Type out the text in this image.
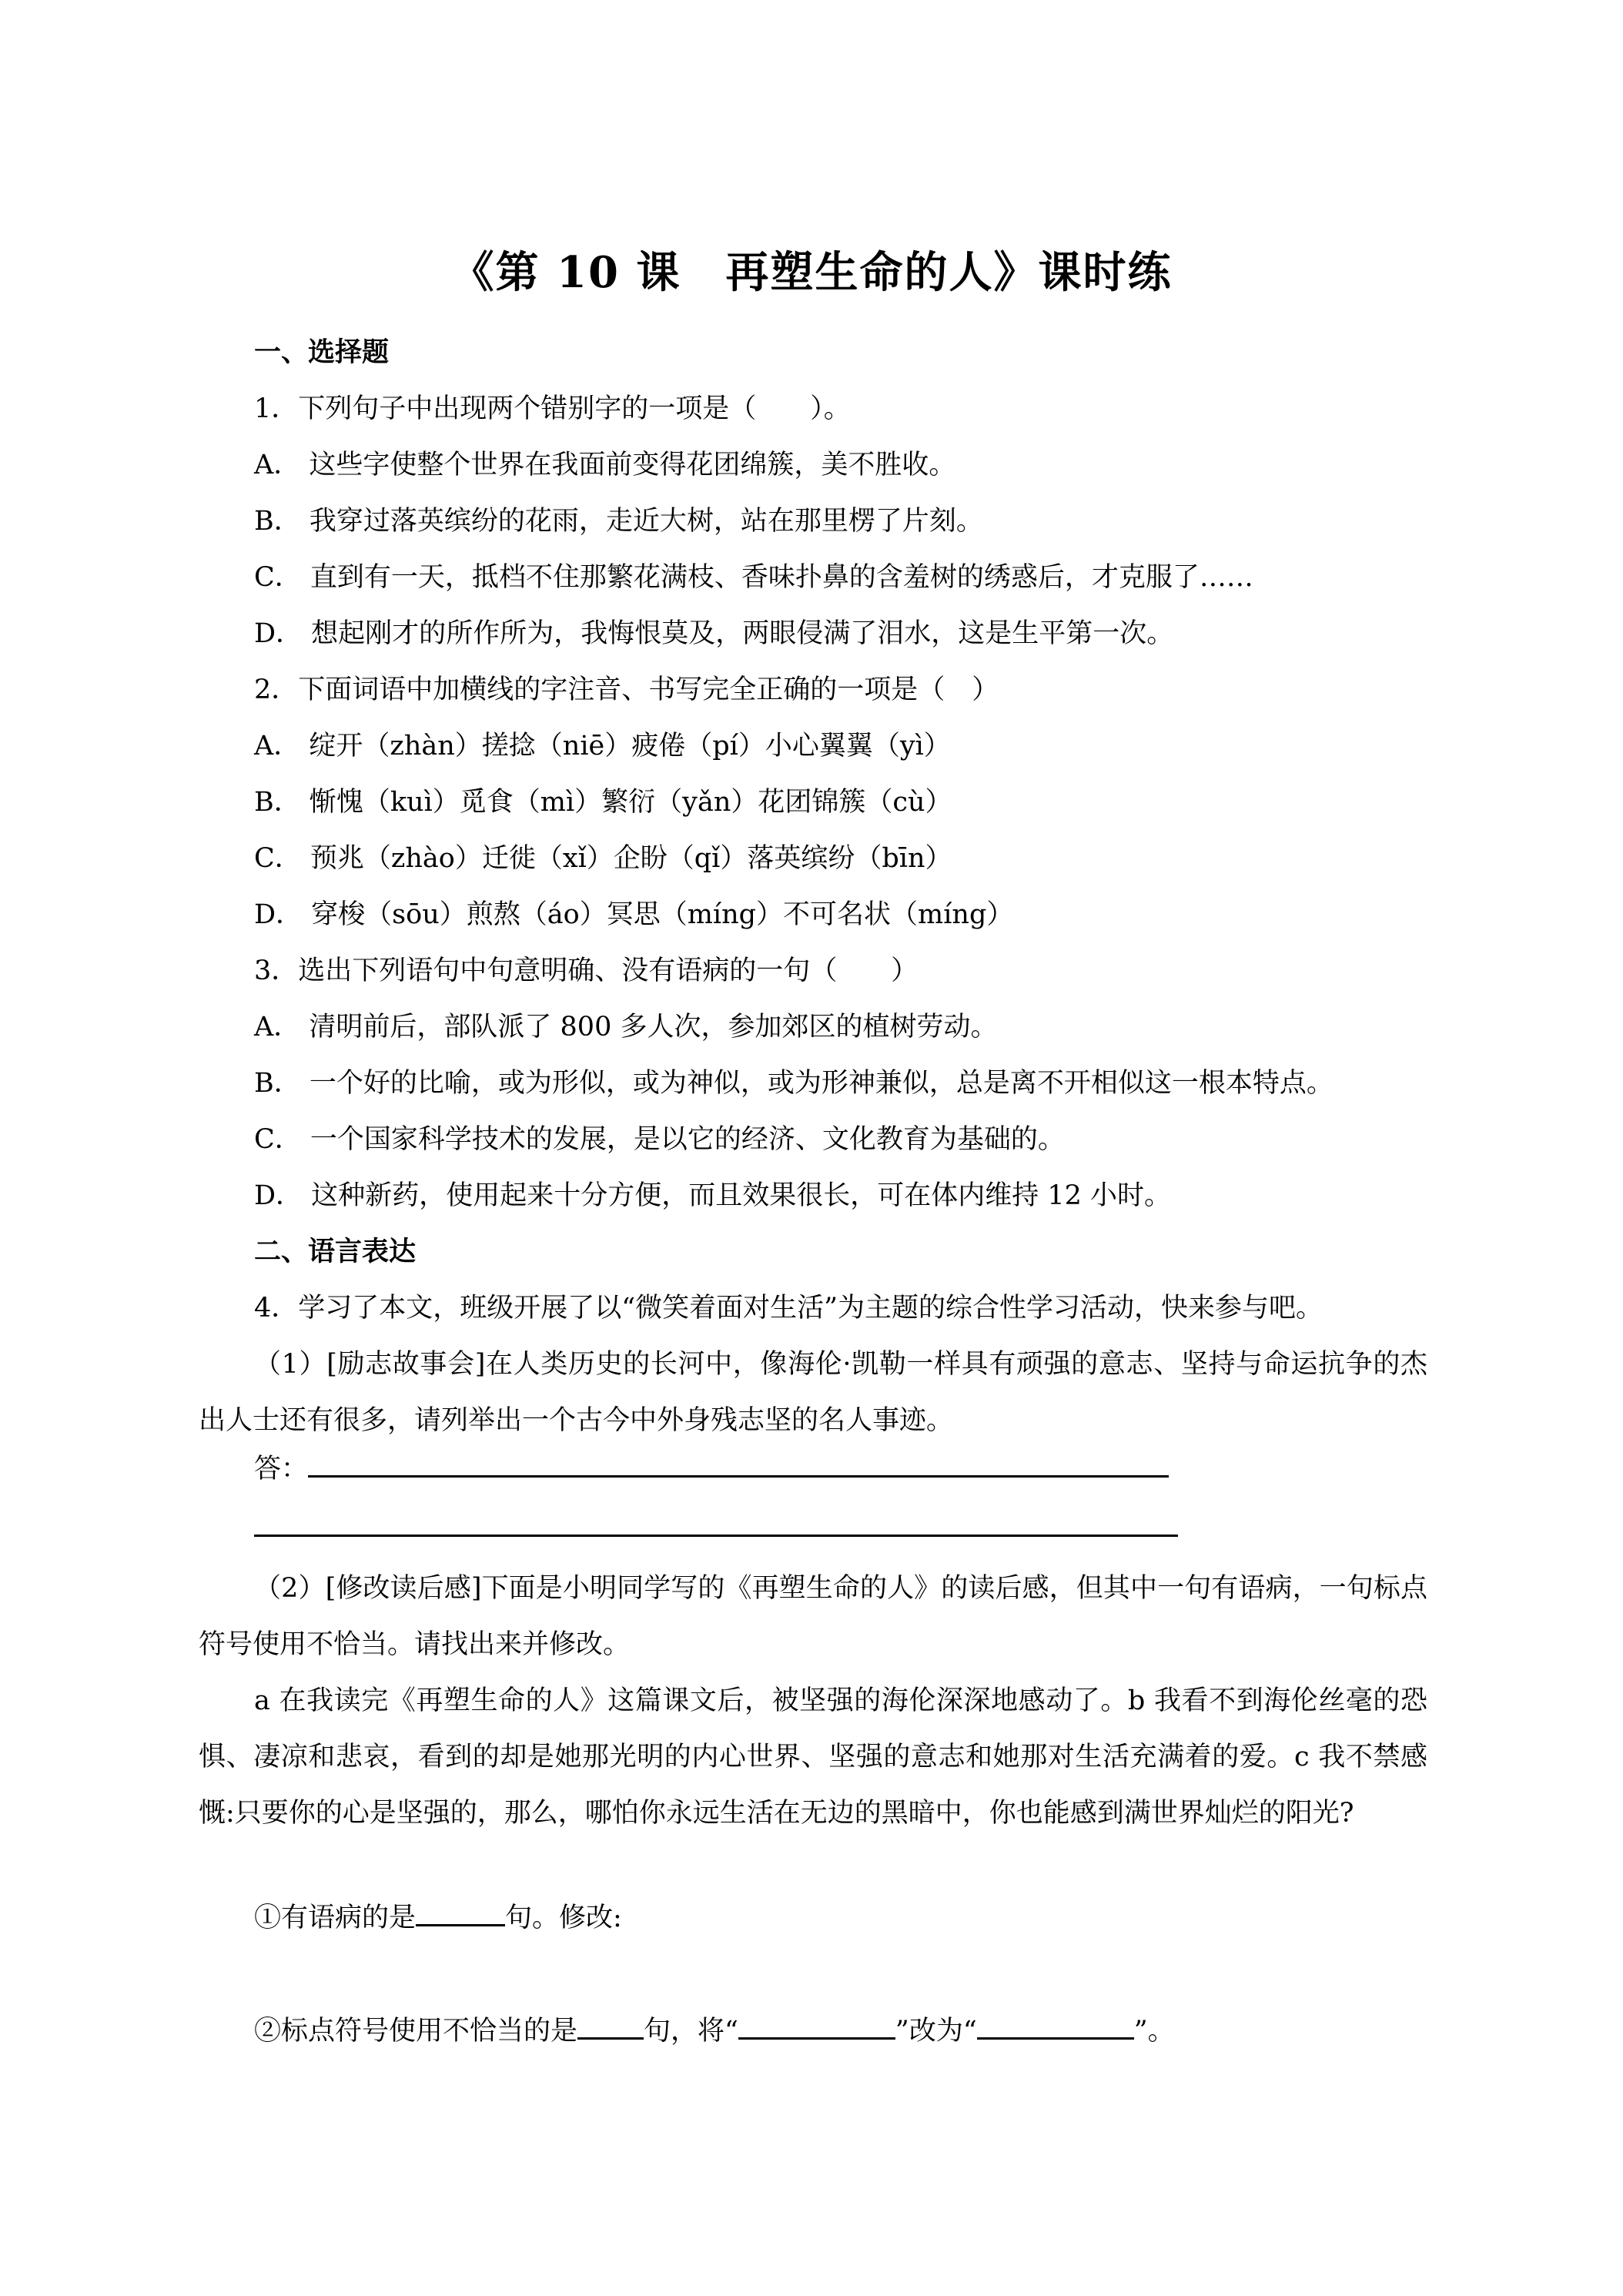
《第 10 课　再塑生命的人》课时练
一、选择题
1．下列句子中出现两个错别字的一项是（　　）。
A． 这些字使整个世界在我面前变得花团绵簇，美不胜收。
B． 我穿过落英缤纷的花雨，走近大树，站在那里楞了片刻。
C． 直到有一天，抵档不住那繁花满枝、香味扑鼻的含羞树的绣惑后，才克服了……
D． 想起刚才的所作所为，我悔恨莫及，两眼侵满了泪水，这是生平第一次。
2．下面词语中加横线的字注音、书写完全正确的一项是（　）
A． 绽开（zhàn）搓捻（niē）疲倦（pí）小心翼翼（yì）
B． 惭愧（kuì）觅食（mì）繁衍（yǎn）花团锦簇（cù）
C． 预兆（zhào）迁徙（xǐ）企盼（qǐ）落英缤纷（bīn）
D． 穿梭（sōu）煎熬（áo）冥思（míng）不可名状（míng）
3．选出下列语句中句意明确、没有语病的一句（　　）
A． 清明前后，部队派了 800 多人次，参加郊区的植树劳动。
B． 一个好的比喻，或为形似，或为神似，或为形神兼似，总是离不开相似这一根本特点。
C． 一个国家科学技术的发展，是以它的经济、文化教育为基础的。
D． 这种新药，使用起来十分方便，而且效果很长，可在体内维持 12 小时。
二、语言表达
4．学习了本文，班级开展了以“微笑着面对生活”为主题的综合性学习活动，快来参与吧。
（1）[励志故事会]在人类历史的长河中，像海伦·凯勒一样具有顽强的意志、坚持与命运抗争的杰出人士还有很多，请列举出一个古今中外身残志坚的名人事迹。
答：
（2）[修改读后感]下面是小明同学写的《再塑生命的人》的读后感，但其中一句有语病，一句标点符号使用不恰当。请找出来并修改。
a 在我读完《再塑生命的人》这篇课文后，被坚强的海伦深深地感动了。b 我看不到海伦丝毫的恐惧、凄凉和悲哀，看到的却是她那光明的内心世界、坚强的意志和她那对生活充满着的爱。c 我不禁感慨:只要你的心是坚强的，那么，哪怕你永远生活在无边的黑暗中，你也能感到满世界灿烂的阳光?
①有语病的是	句。修改:
②标点符号使用不恰当的是 句，将“	”改为“	”。
